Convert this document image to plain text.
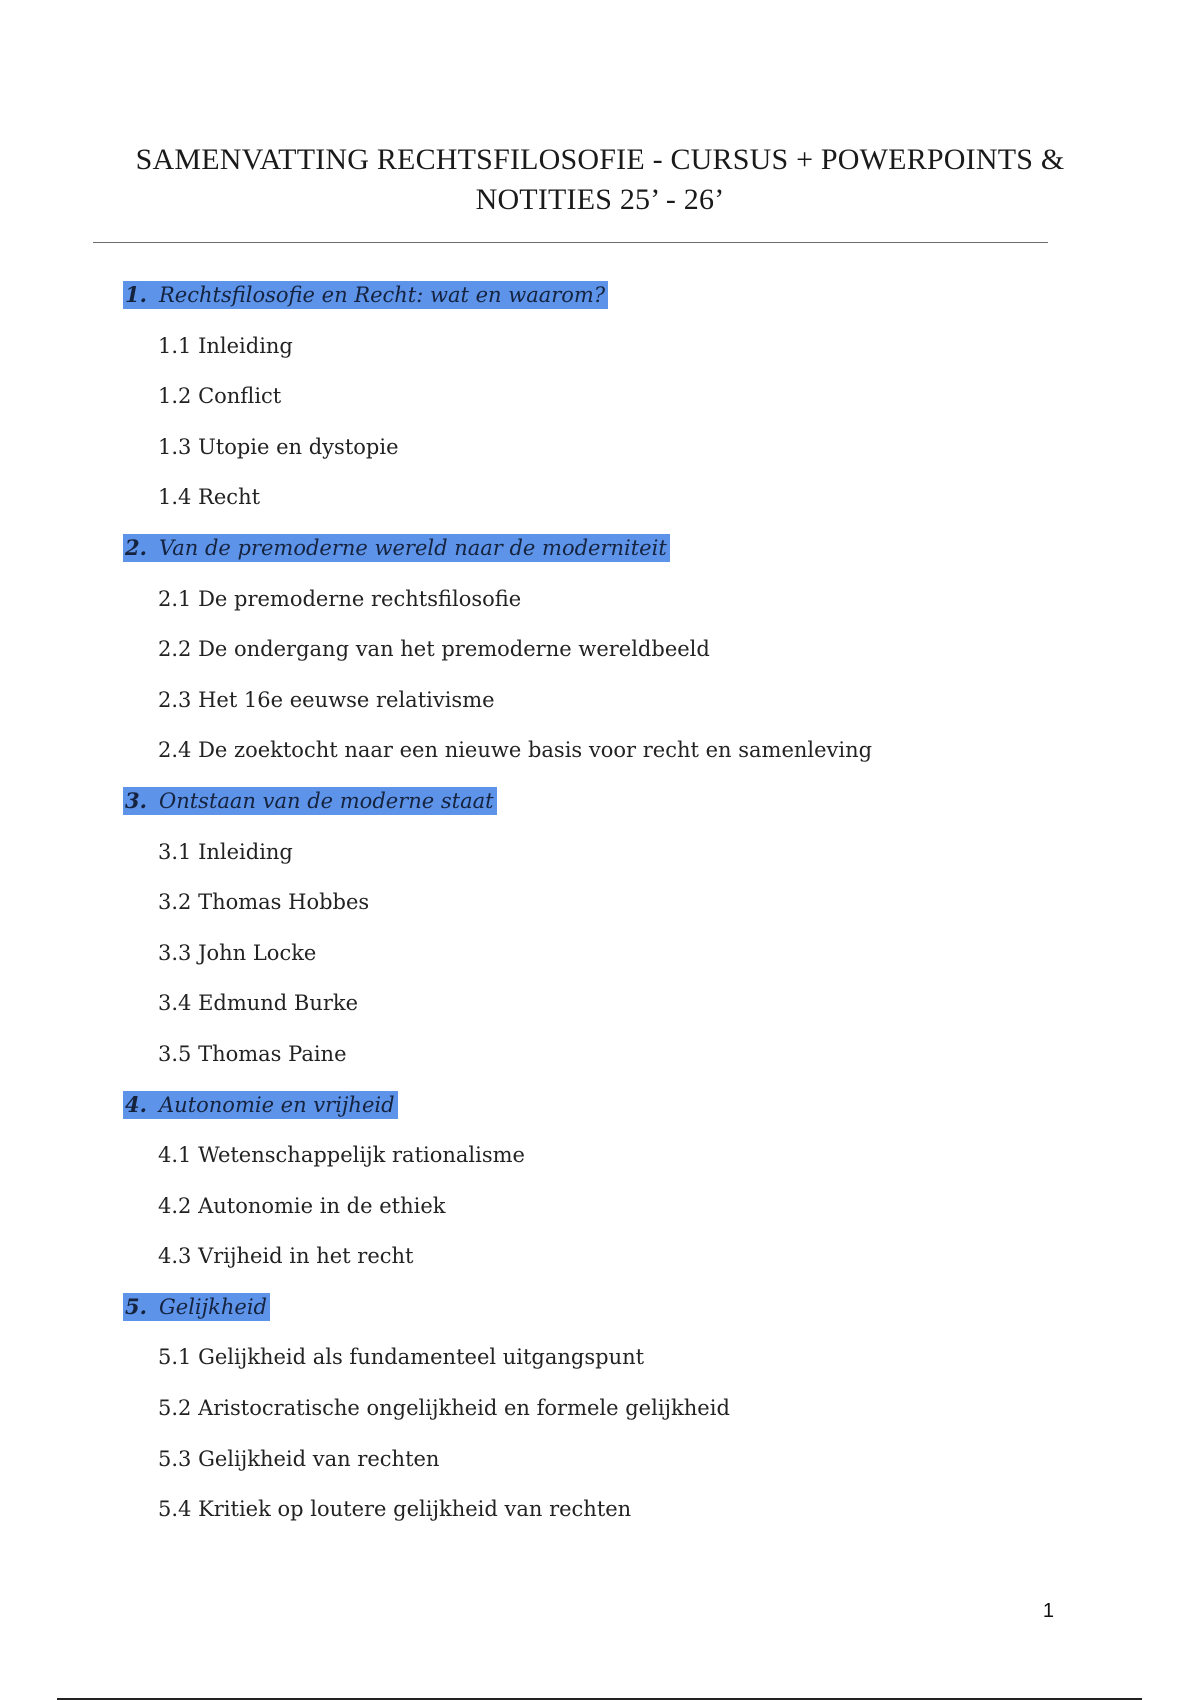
SAMENVATTING RECHTSFILOSOFIE - CURSUS + POWERPOINTS &
NOTITIES 25’ - 26’
1. Rechtsfilosofie en Recht: wat en waarom?
1.1 Inleiding
1.2 Conflict
1.3 Utopie en dystopie
1.4 Recht
2. Van de premoderne wereld naar de moderniteit
2.1 De premoderne rechtsfilosofie
2.2 De ondergang van het premoderne wereldbeeld
2.3 Het 16e eeuwse relativisme
2.4 De zoektocht naar een nieuwe basis voor recht en samenleving
3. Ontstaan van de moderne staat
3.1 Inleiding
3.2 Thomas Hobbes
3.3 John Locke
3.4 Edmund Burke
3.5 Thomas Paine
4. Autonomie en vrijheid
4.1 Wetenschappelijk rationalisme
4.2 Autonomie in de ethiek
4.3 Vrijheid in het recht
5. Gelijkheid
5.1 Gelijkheid als fundamenteel uitgangspunt
5.2 Aristocratische ongelijkheid en formele gelijkheid
5.3 Gelijkheid van rechten
5.4 Kritiek op loutere gelijkheid van rechten
1
